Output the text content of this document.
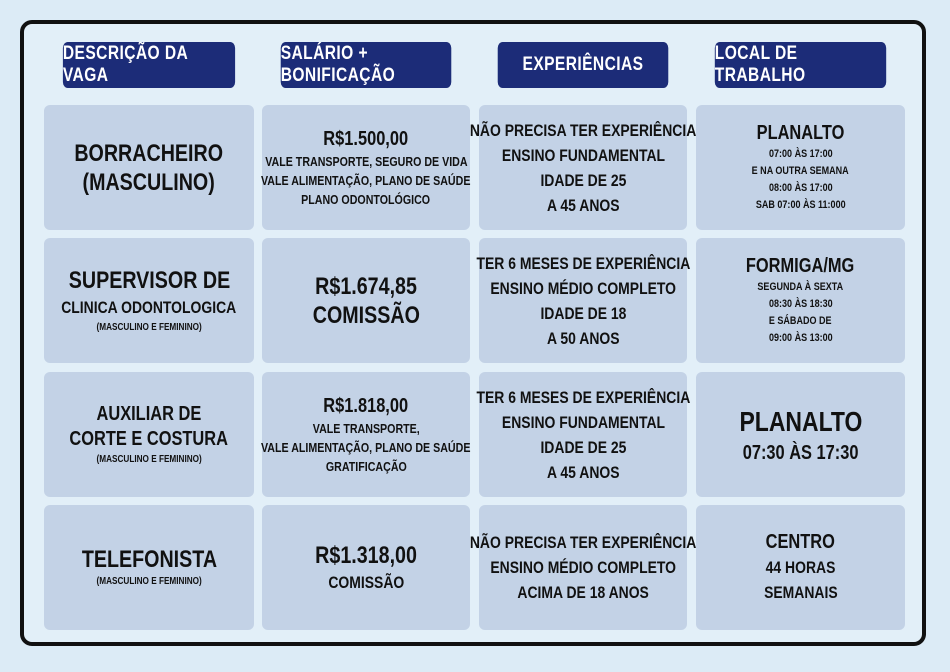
DESCRIÇÃO DA VAGA
SALÁRIO + BONIFICAÇÃO
EXPERIÊNCIAS
LOCAL DE TRABALHO
BORRACHEIRO
(MASCULINO)
R$1.500,00
VALE TRANSPORTE, SEGURO DE VIDA
VALE ALIMENTAÇÃO, PLANO DE SAÚDE
PLANO ODONTOLÓGICO
NÃO PRECISA TER EXPERIÊNCIA
ENSINO FUNDAMENTAL
IDADE DE 25
A 45 ANOS
PLANALTO
07:00 ÀS 17:00
E NA OUTRA SEMANA
08:00 ÀS 17:00
SAB 07:00 ÀS 11:000
SUPERVISOR DE
CLINICA ODONTOLOGICA
(MASCULINO E FEMININO)
R$1.674,85
COMISSÃO
TER 6 MESES DE EXPERIÊNCIA
ENSINO MÉDIO COMPLETO
IDADE DE 18
A 50 ANOS
FORMIGA/MG
SEGUNDA À SEXTA
08:30 ÀS 18:30
E SÁBADO DE
09:00 ÀS 13:00
AUXILIAR DE
CORTE E COSTURA
(MASCULINO E FEMININO)
R$1.818,00
VALE TRANSPORTE,
VALE ALIMENTAÇÃO, PLANO DE SAÚDE
GRATIFICAÇÃO
TER 6 MESES DE EXPERIÊNCIA
ENSINO FUNDAMENTAL
IDADE DE 25
A 45 ANOS
PLANALTO
07:30 ÀS 17:30
TELEFONISTA
(MASCULINO E FEMININO)
R$1.318,00
COMISSÃO
NÃO PRECISA TER EXPERIÊNCIA
ENSINO MÉDIO COMPLETO
ACIMA DE 18 ANOS
CENTRO
44 HORAS
SEMANAIS
